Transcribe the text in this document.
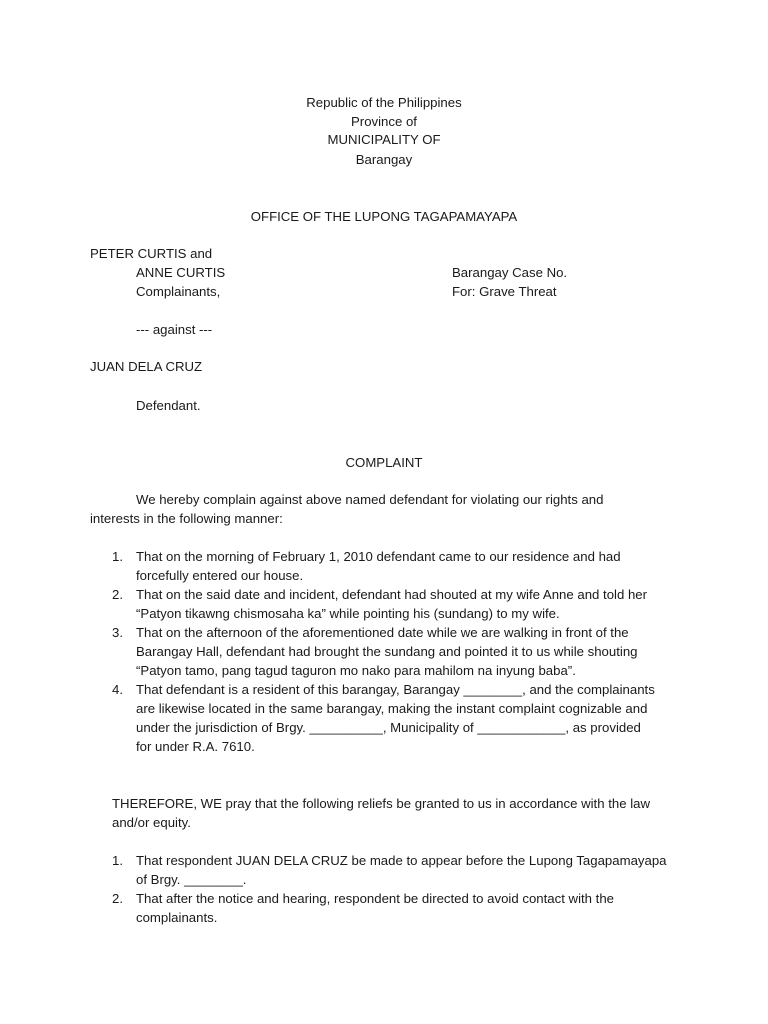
Republic of the Philippines
Province of
MUNICIPALITY OF
Barangay
OFFICE OF THE LUPONG TAGAPAMAYAPA
PETER CURTIS and
ANNE CURTIS	Barangay Case No.
Complainants,	For: Grave Threat
--- against ---
JUAN DELA CRUZ
Defendant.
COMPLAINT
We hereby complain against above named defendant for violating our rights and
interests in the following manner:
1. That on the morning of February 1, 2010 defendant came to our residence and had
forcefully entered our house.
2. That on the said date and incident, defendant had shouted at my wife Anne and told her
“Patyon tikawng chismosaha ka” while pointing his (sundang) to my wife.
3. That on the afternoon of the aforementioned date while we are walking in front of the
Barangay Hall, defendant had brought the sundang and pointed it to us while shouting
“Patyon tamo, pang tagud taguron mo nako para mahilom na inyung baba”.
4. That defendant is a resident of this barangay, Barangay ________, and the complainants
are likewise located in the same barangay, making the instant complaint cognizable and
under the jurisdiction of Brgy. __________, Municipality of ____________, as provided
for under R.A. 7610.
THEREFORE, WE pray that the following reliefs be granted to us in accordance with the law
and/or equity.
1. That respondent JUAN DELA CRUZ be made to appear before the Lupong Tagapamayapa
of Brgy. ________.
2. That after the notice and hearing, respondent be directed to avoid contact with the
complainants.
